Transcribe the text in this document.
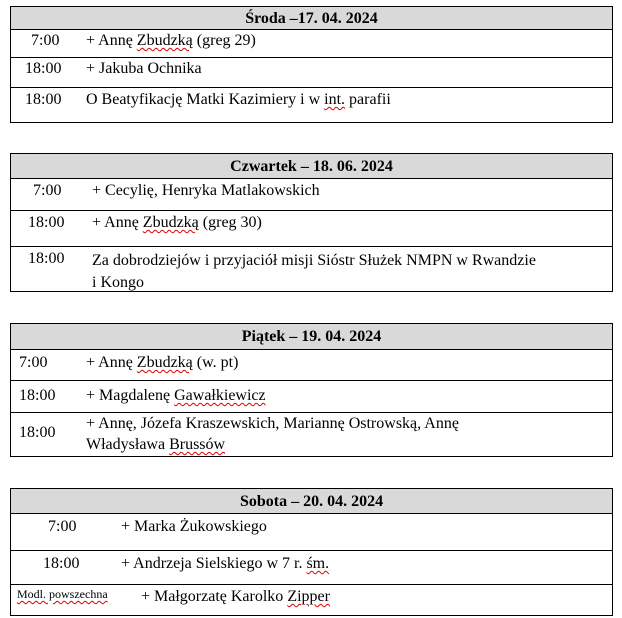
Środa –17. 04. 2024
7:00 + Annę Zbudzką (greg 29)
18:00 + Jakuba Ochnika
18:00 O Beatyfikację Matki Kazimiery i w int. parafii
Czwartek – 18. 06. 2024
7:00 + Cecylię, Henryka Matlakowskich
18:00 + Annę Zbudzką (greg 30)
18:00 Za dobrodziejów i przyjaciół misji Sióstr Służek NMPN w Rwandzie
i Kongo
Piątek – 19. 04. 2024
7:00 + Annę Zbudzką (w. pt)
18:00 + Magdalenę Gawałkiewicz
18:00
+ Annę, Józefa Kraszewskich, Mariannę Ostrowską, Annę
Władysława Brussów
Sobota – 20. 04. 2024
7:00	+ Marka Żukowskiego
18:00	+ Andrzeja Sielskiego w 7 r. śm.
Modl. powszechna + Małgorzatę Karolko Zipper
